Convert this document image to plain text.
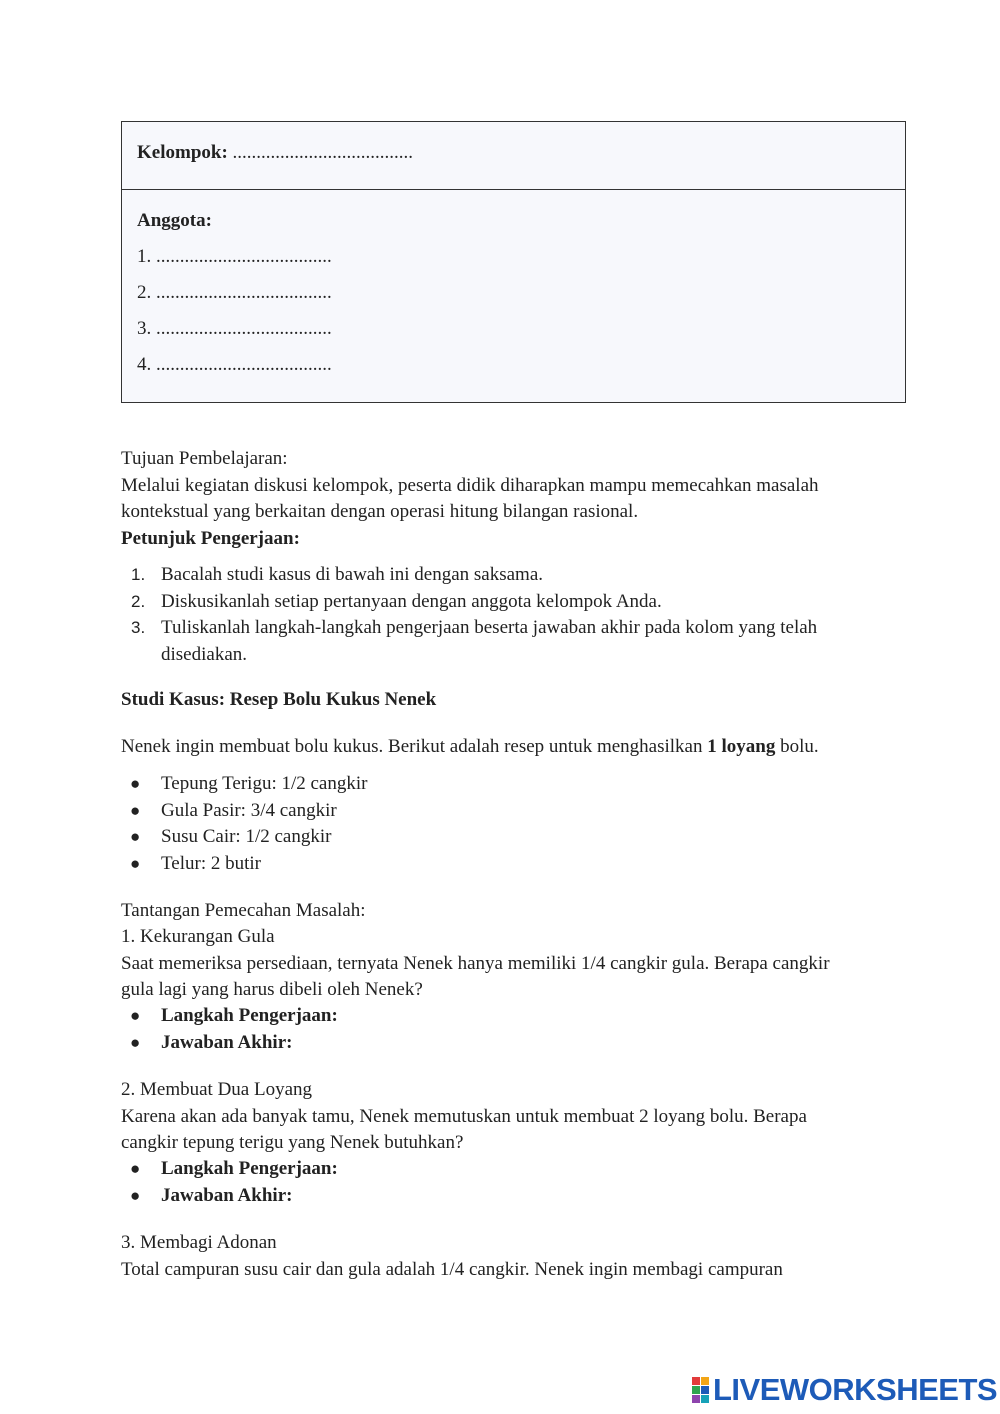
Kelompok: ......................................
Anggota:
1. .....................................
2. .....................................
3. .....................................
4. .....................................
Tujuan Pembelajaran:
Melalui kegiatan diskusi kelompok, peserta didik diharapkan mampu memecahkan masalah
kontekstual yang berkaitan dengan operasi hitung bilangan rasional.
Petunjuk Pengerjaan:
1. Bacalah studi kasus di bawah ini dengan saksama.
2. Diskusikanlah setiap pertanyaan dengan anggota kelompok Anda.
3. Tuliskanlah langkah-langkah pengerjaan beserta jawaban akhir pada kolom yang telah
disediakan.
Studi Kasus: Resep Bolu Kukus Nenek
Nenek ingin membuat bolu kukus. Berikut adalah resep untuk menghasilkan 1 loyang bolu.
● Tepung Terigu: 1/2 cangkir
● Gula Pasir: 3/4 cangkir
● Susu Cair: 1/2 cangkir
● Telur: 2 butir
Tantangan Pemecahan Masalah:
1. Kekurangan Gula
Saat memeriksa persediaan, ternyata Nenek hanya memiliki 1/4 cangkir gula. Berapa cangkir
gula lagi yang harus dibeli oleh Nenek?
● Langkah Pengerjaan:
● Jawaban Akhir:
2. Membuat Dua Loyang
Karena akan ada banyak tamu, Nenek memutuskan untuk membuat 2 loyang bolu. Berapa
cangkir tepung terigu yang Nenek butuhkan?
● Langkah Pengerjaan:
● Jawaban Akhir:
3. Membagi Adonan
Total campuran susu cair dan gula adalah 1/4 cangkir. Nenek ingin membagi campuran
LIVEWORKSHEETS
